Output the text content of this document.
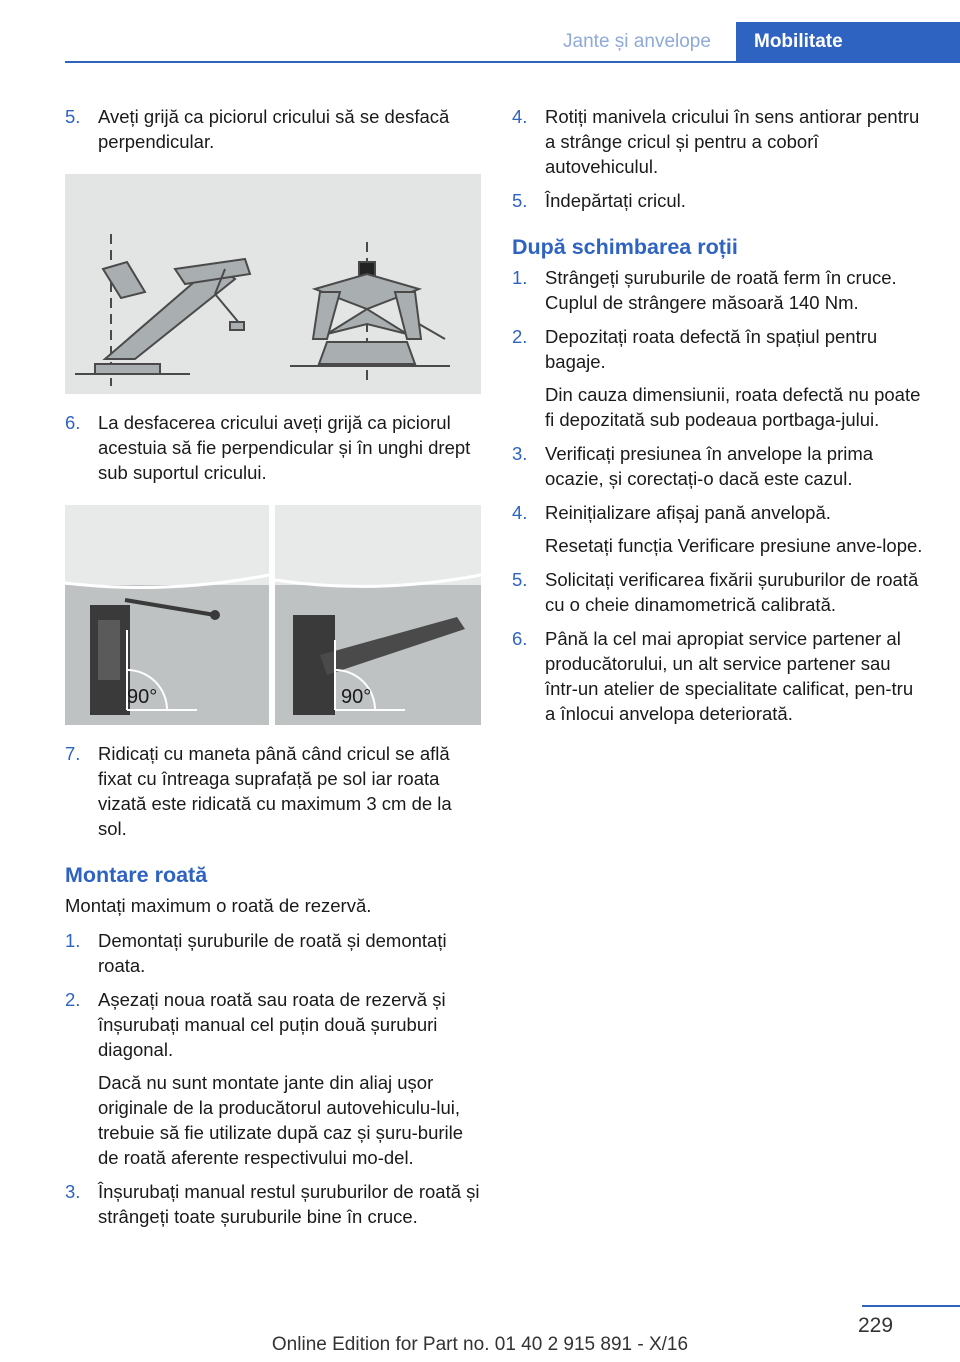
Jante și anvelope	Mobilitate
5. Aveți grijă ca piciorul cricului să se desfacă perpendicular.

6. La desfacerea cricului aveți grijă ca piciorul acestuia să fie perpendicular și în unghi drept sub suportul cricului.

90°	90°
7. Ridicați cu maneta până când cricul se află fixat cu întreaga suprafață pe sol iar roata vizată este ridicată cu maximum 3 cm de la sol.

Montare roată
Montați maximum o roată de rezervă.
1. Demontați șuruburile de roată și demontați roata.

2. Așezați noua roată sau roata de rezervă și înșurubați manual cel puțin două șuruburi diagonal.

Dacă nu sunt montate jante din aliaj ușor originale de la producătorul autovehiculu-lui, trebuie să fie utilizate după caz și șuru-burile de roată aferente respectivului mo-del.

3. Înșurubați manual restul șuruburilor de roată și strângeți toate șuruburile bine în cruce.

4. Rotiți manivela cricului în sens antiorar pentru a strânge cricul și pentru a coborî autovehiculul.

5. Îndepărtați cricul.

După schimbarea roții
1. Strângeți șuruburile de roată ferm în cruce. Cuplul de strângere măsoară 140 Nm.

2. Depozitați roata defectă în spațiul pentru bagaje.

Din cauza dimensiunii, roata defectă nu poate fi depozitată sub podeaua portbaga-jului.

3. Verificați presiunea în anvelope la prima ocazie, și corectați-o dacă este cazul.

4. Reinițializare afișaj pană anvelopă.

Resetați funcția Verificare presiune anve-lope.

5. Solicitați verificarea fixării șuruburilor de roată cu o cheie dinamometrică calibrată.

6. Până la cel mai apropiat service partener al producătorului, un alt service partener sau într-un atelier de specialitate calificat, pen-tru a înlocui anvelopa deteriorată.

229
Online Edition for Part no. 01 40 2 915 891 - X/16
